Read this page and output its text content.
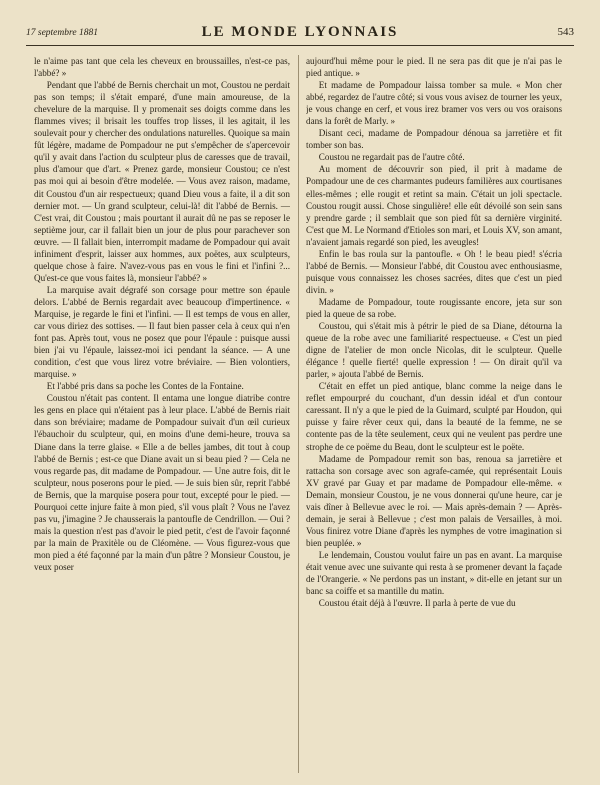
17 septembre 1881	LE MONDE LYONNAIS	543

le n'aime pas tant que cela les cheveux en broussailles, n'est-ce pas, l'abbé? »

Pendant que l'abbé de Bernis cherchait un mot, Coustou ne perdait pas son temps; il s'était emparé, d'une main amoureuse, de la chevelure de la marquise. Il y promenait ses doigts comme dans les flammes vives; il brisait les touffes trop lisses, il les agitait, il les soulevait pour y chercher des ondulations naturelles. Quoique sa main fût légère, madame de Pompadour ne put s'empêcher de s'apercevoir qu'il y avait dans l'action du sculpteur plus de caresses que de travail, plus d'amour que d'art. « Prenez garde, monsieur Coustou; ce n'est pas moi qui ai besoin d'être modelée. — Vous avez raison, madame, dit Coustou d'un air respectueux; quand Dieu vous a faite, il a dit son dernier mot. — Un grand sculpteur, celui-là! dit l'abbé de Bernis. — C'est vrai, dit Coustou ; mais pourtant il aurait dû ne pas se reposer le septième jour, car il fallait bien un jour de plus pour parachever son œuvre. — Il fallait bien, interrompit madame de Pompadour qui avait infiniment d'esprit, laisser aux hommes, aux poëtes, aux sculpteurs, quelque chose à faire. N'avez-vous pas en vous le fini et l'infini ?... Qu'est-ce que vous faites là, monsieur l'abbé? »

La marquise avait dégrafé son corsage pour mettre son épaule delors. L'abbé de Bernis regardait avec beaucoup d'impertinence. « Marquise, je regarde le fini et l'infini. — Il est temps de vous en aller, car vous diriez des sottises. — Il faut bien passer cela à ceux qui n'en font pas. Après tout, vous ne posez que pour l'épaule : puisque aussi bien j'ai vu l'épaule, laissez-moi ici pendant la séance. — A une condition, c'est que vous lirez votre bréviaire. — Bien volontiers, marquise. »

Et l'abbé pris dans sa poche les Contes de la Fontaine.

Coustou n'était pas content. Il entama une longue diatribe contre les gens en place qui n'étaient pas à leur place. L'abbé de Bernis riait dans son bréviaire; madame de Pompadour suivait d'un œil curieux l'ébauchoir du sculpteur, qui, en moins d'une demi-heure, trouva sa Diane dans la terre glaise. « Elle a de belles jambes, dit tout à coup l'abbé de Bernis ; est-ce que Diane avait un si beau pied ? — Cela ne vous regarde pas, dit madame de Pompadour. — Une autre fois, dit le sculpteur, nous poserons pour le pied. — Je suis bien sûr, reprit l'abbé de Bernis, que la marquise posera pour tout, excepté pour le pied. — Pourquoi cette injure faite à mon pied, s'il vous plaît ? Vous ne l'avez pas vu, j'imagine ? Je chausserais la pantoufle de Cendrillon. — Oui ? mais la question n'est pas d'avoir le pied petit, c'est de l'avoir façonné par la main de Praxitèle ou de Cléomène. — Vous figurez-vous que mon pied a été façonné par la main d'un pâtre ? Monsieur Coustou, je veux poser

aujourd'hui même pour le pied. Il ne sera pas dit que je n'ai pas le pied antique. »

Et madame de Pompadour laissa tomber sa mule. « Mon cher abbé, regardez de l'autre côté; si vous vous avisez de tourner les yeux, je vous change en cerf, et vous irez bramer vos vers ou vos oraisons dans la forêt de Marly. »

Disant ceci, madame de Pompadour dénoua sa jarretière et fit tomber son bas.

Coustou ne regardait pas de l'autre côté.

Au moment de découvrir son pied, il prit à madame de Pompadour une de ces charmantes pudeurs familières aux courtisanes elles-mêmes ; elle rougit et retint sa main. C'était un joli spectacle. Coustou rougit aussi. Chose singulière! elle eût dévoilé son sein sans y prendre garde ; il semblait que son pied fût sa dernière virginité. C'est que M. Le Normand d'Etioles son mari, et Louis XV, son amant, n'avaient jamais regardé son pied, les aveugles!

Enfin le bas roula sur la pantoufle. « Oh ! le beau pied! s'écria l'abbé de Bernis. — Monsieur l'abbé, dit Coustou avec enthousiasme, puisque vous connaissez les choses sacrées, dites que c'est un pied divin. »

Madame de Pompadour, toute rougissante encore, jeta sur son pied la queue de sa robe.

Coustou, qui s'était mis à pétrir le pied de sa Diane, détourna la queue de la robe avec une familiarité respectueuse. « C'est un pied digne de l'atelier de mon oncle Nicolas, dit le sculpteur. Quelle élégance ! quelle fierté! quelle expression ! — On dirait qu'il va parler, » ajouta l'abbé de Bernis.

C'était en effet un pied antique, blanc comme la neige dans le reflet empourpré du couchant, d'un dessin idéal et d'un contour caressant. Il n'y a que le pied de la Guimard, sculpté par Houdon, qui puisse y faire rêver ceux qui, dans la beauté de la femme, ne se contente pas de la tête seulement, ceux qui ne veulent pas perdre une strophe de ce poëme du Beau, dont le sculpteur est le poëte.

Madame de Pompadour remit son bas, renoua sa jarretière et rattacha son corsage avec son agrafe-camée, qui représentait Louis XV gravé par Guay et par madame de Pompadour elle-même. « Demain, monsieur Coustou, je ne vous donnerai qu'une heure, car je vais dîner à Bellevue avec le roi. — Mais après-demain ? — Après-demain, je serai à Bellevue ; c'est mon palais de Versailles, à moi. Vous finirez votre Diane d'après les nymphes de votre imagination si bien peuplée. »

Le lendemain, Coustou voulut faire un pas en avant. La marquise était venue avec une suivante qui resta à se promener devant la façade de l'Orangerie. « Ne perdons pas un instant, » dit-elle en jetant sur un banc sa coiffe et sa mantille du matin.

Coustou était déjà à l'œuvre. Il parla à perte de vue du
